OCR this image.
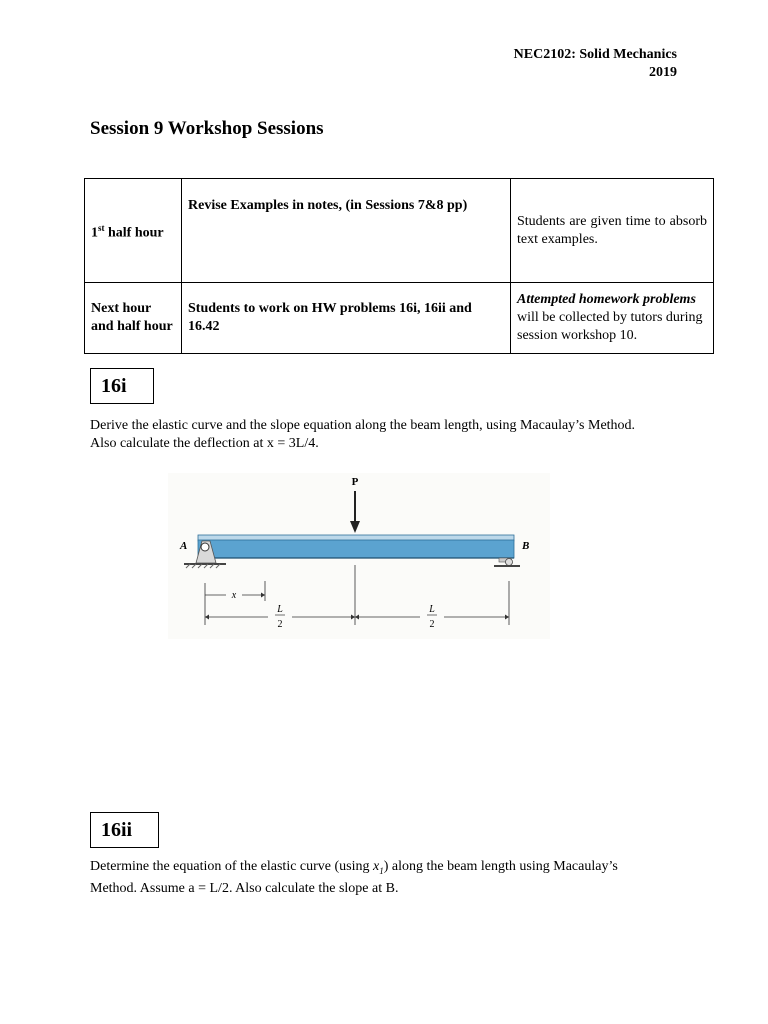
NEC2102: Solid Mechanics
2019
Session 9 Workshop Sessions
1st half hour	Revise Examples in notes, (in Sessions 7&8 pp)	Students are given time to absorb text examples.
Next hour and half hour	Students to work on HW problems 16i, 16ii and 16.42	Attempted homework problems will be collected by tutors during session workshop 10.
16i
Derive the elastic curve and the slope equation along the beam length, using Macaulay’s Method.
Also calculate the deflection at x = 3L/4.
P
A	B
x
L
2
L
2
16ii
Determine the equation of the elastic curve (using $x_1$) along the beam length using Macaulay’s
Method. Assume a = L/2. Also calculate the slope at B.
